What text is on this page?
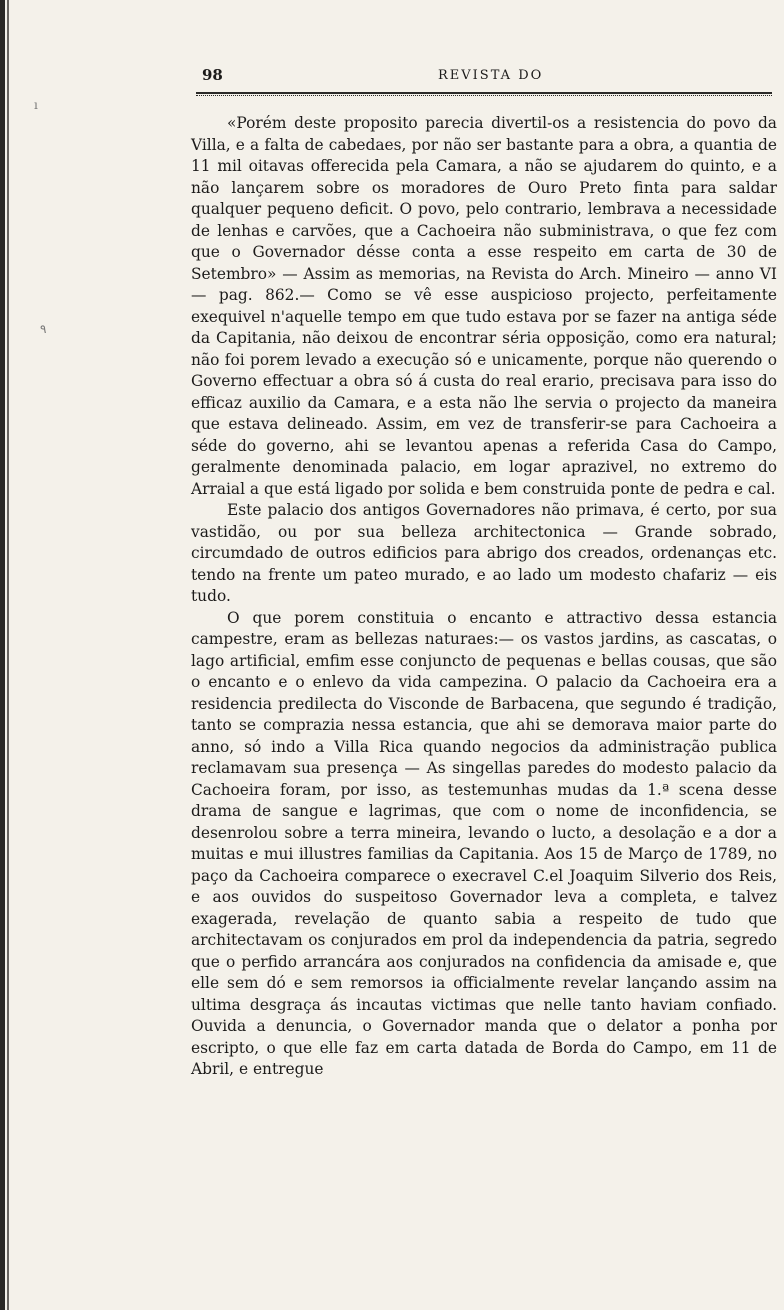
ı
٩
98	REVISTA DO

«Porém deste proposito parecia divertil-os a resistencia do povo da Villa, e a falta de cabedaes, por não ser bastante para a obra, a quantia de 11 mil oitavas offerecida pela Camara, a não se ajudarem do quinto, e a não lançarem sobre os moradores de Ouro Preto finta para saldar qualquer pequeno deficit. O povo, pelo contrario, lembrava a necessidade de lenhas e carvões, que a Cachoeira não subministrava, o que fez com que o Governador désse conta a esse respeito em carta de 30 de Setembro» — Assim as memorias, na Revista do Arch. Mineiro — anno VI — pag. 862.— Como se vê esse auspicioso projecto, perfeitamente exequivel n'aquelle tempo em que tudo estava por se fazer na antiga séde da Capitania, não deixou de encontrar séria opposição, como era natural; não foi porem levado a execução só e unicamente, porque não querendo o Governo effectuar a obra só á custa do real erario, precisava para isso do efficaz auxilio da Camara, e a esta não lhe servia o projecto da maneira que estava delineado. Assim, em vez de transferir-se para Cachoeira a séde do governo, ahi se levantou apenas a referida Casa do Campo, geralmente denominada palacio, em logar aprazivel, no extremo do Arraial a que está ligado por solida e bem construida ponte de pedra e cal.

Este palacio dos antigos Governadores não primava, é certo, por sua vastidão, ou por sua belleza architectonica — Grande sobrado, circumdado de outros edificios para abrigo dos creados, ordenanças etc. tendo na frente um pateo murado, e ao lado um modesto chafariz — eis tudo.

O que porem constituia o encanto e attractivo dessa estancia campestre, eram as bellezas naturaes:— os vastos jardins, as cascatas, o lago artificial, emfim esse conjuncto de pequenas e bellas cousas, que são o encanto e o enlevo da vida campezina. O palacio da Cachoeira era a residencia predilecta do Visconde de Barbacena, que segundo é tradição, tanto se comprazia nessa estancia, que ahi se demorava maior parte do anno, só indo a Villa Rica quando negocios da administração publica reclamavam sua presença — As singellas paredes do modesto palacio da Cachoeira foram, por isso, as testemunhas mudas da 1.ª scena desse drama de sangue e lagrimas, que com o nome de inconfidencia, se desenrolou sobre a terra mineira, levando o lucto, a desolação e a dor a muitas e mui illustres familias da Capitania. Aos 15 de Março de 1789, no paço da Cachoeira comparece o execravel C.el Joaquim Silverio dos Reis, e aos ouvidos do suspeitoso Governador leva a completa, e talvez exagerada, revelação de quanto sabia a respeito de tudo que architectavam os conjurados em prol da independencia da patria, segredo que o perfido arrancára aos conjurados na confidencia da amisade e, que elle sem dó e sem remorsos ia officialmente revelar lançando assim na ultima desgraça ás incautas victimas que nelle tanto haviam confiado. Ouvida a denuncia, o Governador manda que o delator a ponha por escripto, o que elle faz em carta datada de Borda do Campo, em 11 de Abril, e entregue
